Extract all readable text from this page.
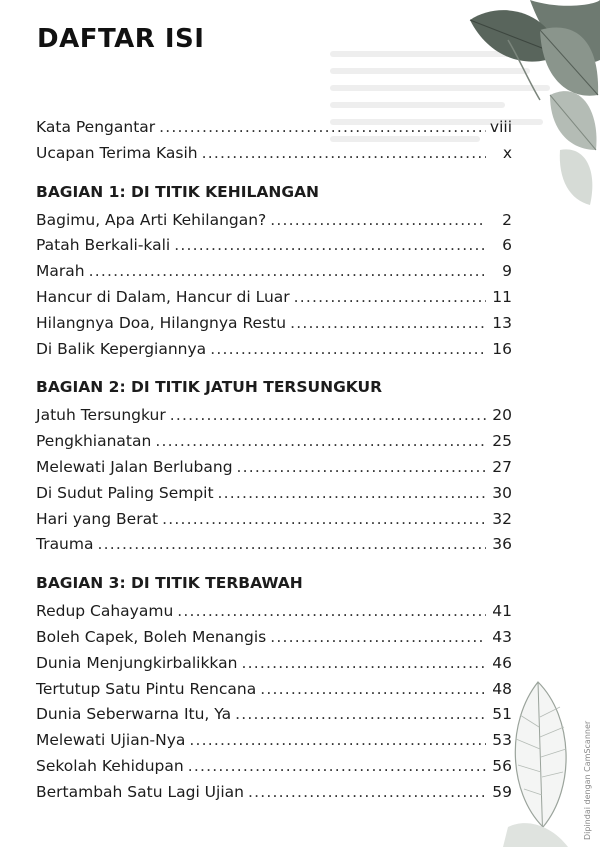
DAFTAR ISI
Kata Pengantar .....	viii
Ucapan Terima Kasih .....	x
BAGIAN 1: DI TITIK KEHILANGAN
Bagimu, Apa Arti Kehilangan? .....	2
Patah Berkali-kali .....	6
Marah .....	9
Hancur di Dalam, Hancur di Luar .....	11
Hilangnya Doa, Hilangnya Restu .....	13
Di Balik Kepergiannya .....	16
BAGIAN 2: DI TITIK JATUH TERSUNGKUR
Jatuh Tersungkur .....	20
Pengkhianatan .....	25
Melewati Jalan Berlubang .....	27
Di Sudut Paling Sempit .....	30
Hari yang Berat .....	32
Trauma .....	36
BAGIAN 3: DI TITIK TERBAWAH
Redup Cahayamu .....	41
Boleh Capek, Boleh Menangis .....	43
Dunia Menjungkirbalikkan .....	46
Tertutup Satu Pintu Rencana .....	48
Dunia Seberwarna Itu, Ya .....	51
Melewati Ujian-Nya .....	53
Sekolah Kehidupan .....	56
Bertambah Satu Lagi Ujian .....	59	Dipindai dengan CamScanner
